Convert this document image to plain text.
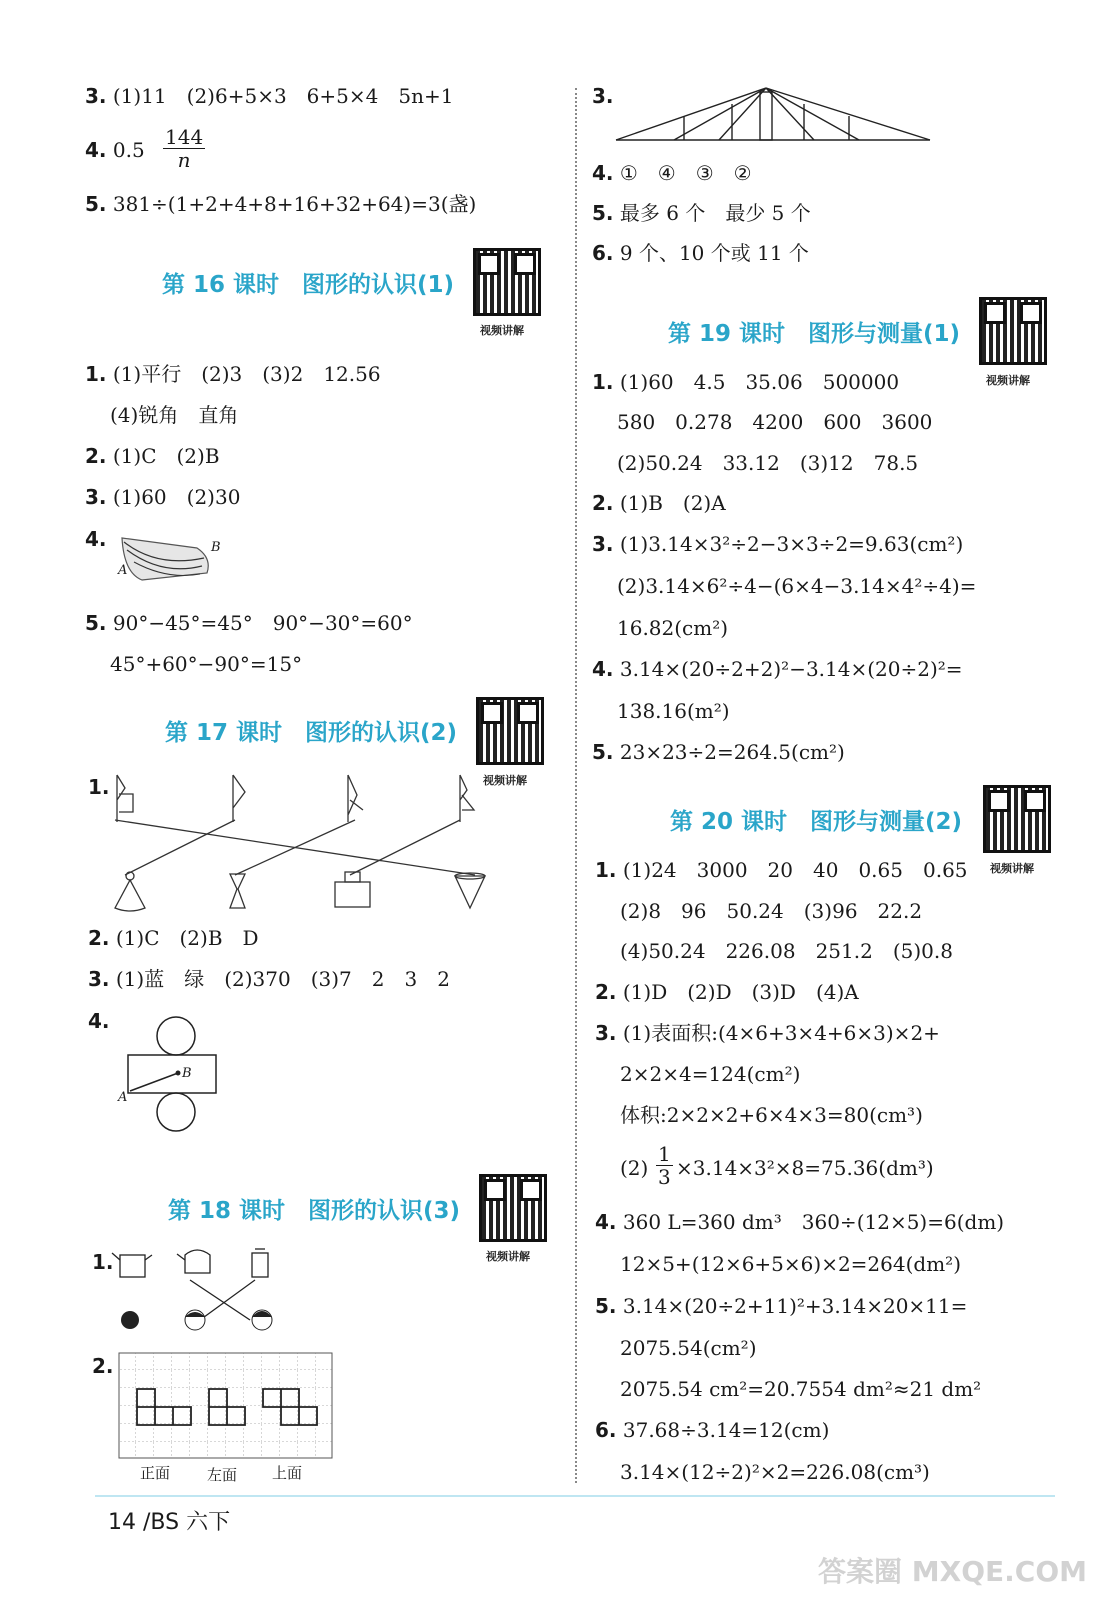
3. (1)11　(2)6+5×3　6+5×4　5n+1
4. $0.5 \frac{144}{n}$
5. 381÷(1+2+4+8+16+32+64)=3(盏)
第 16 课时　图形的认识(1)
视频讲解
1. (1)平行　(2)3　(3)2　12.56
(4)锐角　直角
2. (1)C　(2)B
3. (1)60　(2)30
4.
A
B
5. 90°−45°=45°　90°−30°=60°
45°+60°−90°=15°
第 17 课时　图形的认识(2)
视频讲解
1.
2. (1)C　(2)B　D
3. (1)蓝　绿　(2)370　(3)7　2　3　2
4.
A
B
第 18 课时　图形的认识(3)
视频讲解
1.
2.
正面 左面 上面
3.
4. ①　④　③　②
5. 最多 6 个　最少 5 个
6. 9 个、10 个或 11 个
第 19 课时　图形与测量(1)
视频讲解
1. (1)60　4.5　35.06　500000
580　0.278　4200　600　3600
(2)50.24　33.12　(3)12　78.5
2. (1)B　(2)A
3. (1)3.14×3²÷2−3×3÷2=9.63(cm²)
(2)3.14×6²÷4−(6×4−3.14×4²÷4)=
16.82(cm²)
4. 3.14×(20÷2+2)²−3.14×(20÷2)²=
138.16(m²)
5. 23×23÷2=264.5(cm²)
第 20 课时　图形与测量(2)
视频讲解
1. (1)24　3000　20　40　0.65　0.65
(2)8　96　50.24　(3)96　22.2
(4)50.24　226.08　251.2　(5)0.8
2. (1)D　(2)D　(3)D　(4)A
3. (1)表面积:(4×6+3×4+6×3)×2+
2×2×4=124(cm²)
体积:2×2×2+6×4×3=80(cm³)
$(2) \frac{1}{3} \times 3.14\times 3^2\times 8=75.36(dm^3)$
4. 360 L=360 dm³　360÷(12×5)=6(dm)
12×5+(12×6+5×6)×2=264(dm²)
5. 3.14×(20÷2+11)²+3.14×20×11=
2075.54(cm²)
2075.54 cm²=20.7554 dm²≈21 dm²
6. 37.68÷3.14=12(cm)
3.14×(12÷2)²×2=226.08(cm³)
14 /BS 六下
答案圈 MXQE.COM
